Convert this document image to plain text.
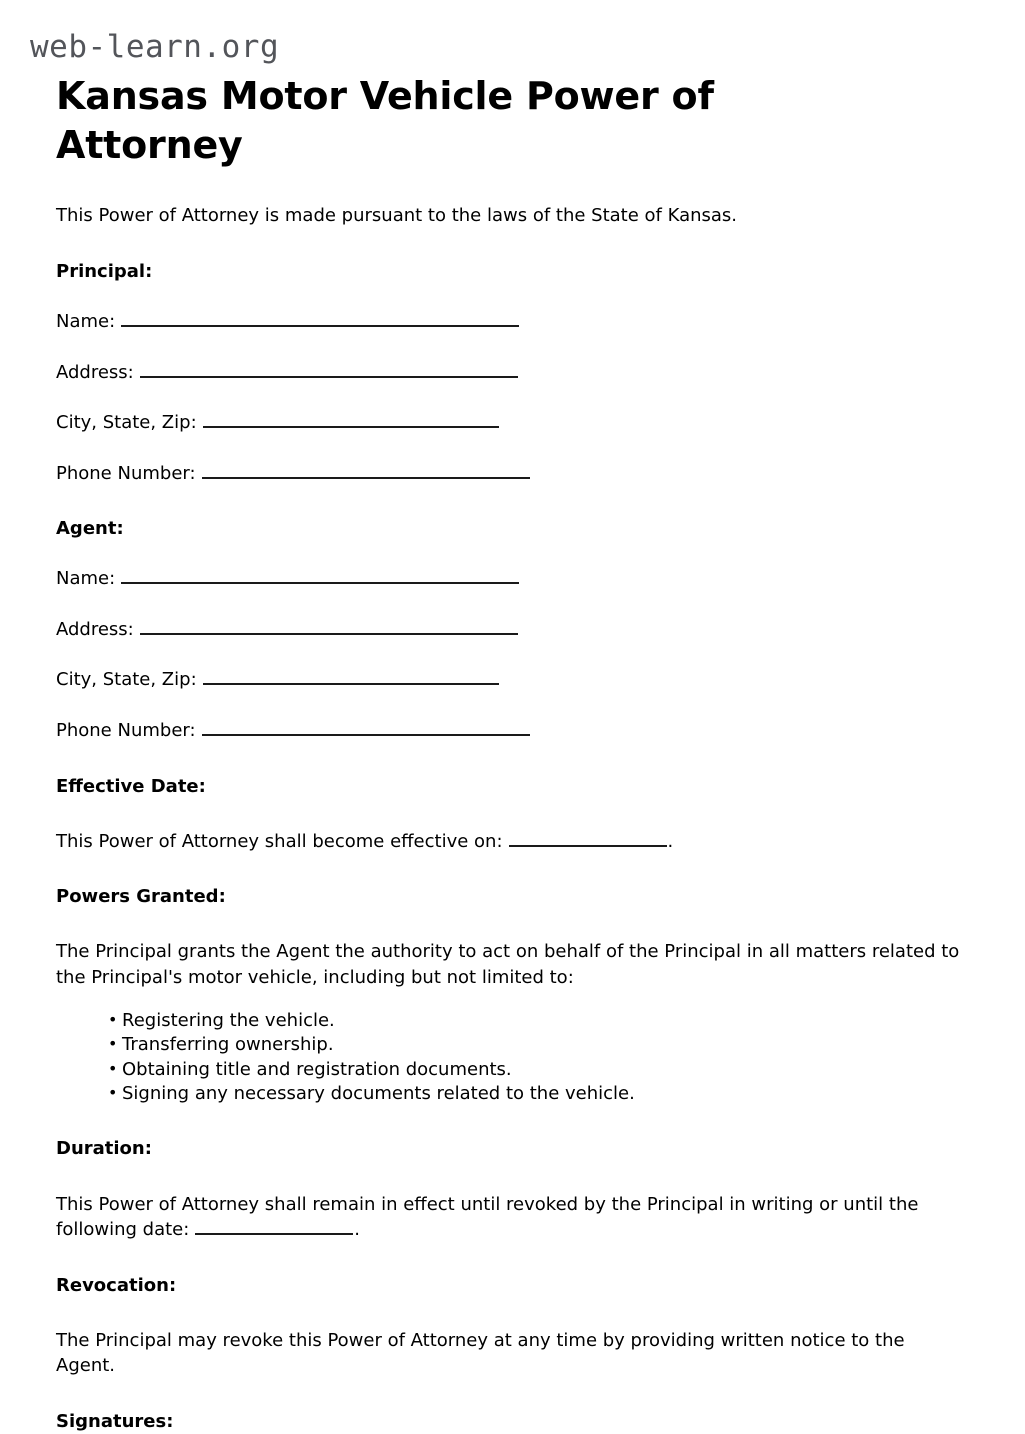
web-learn.org
Kansas Motor Vehicle Power of Attorney

This Power of Attorney is made pursuant to the laws of the State of Kansas.

Principal:
Name:
Address:
City, State, Zip:
Phone Number:
Agent:
Name:
Address:
City, State, Zip:
Phone Number:
Effective Date:

This Power of Attorney shall become effective on:	.

Powers Granted:

The Principal grants the Agent the authority to act on behalf of the Principal in all matters related to the Principal's motor vehicle, including but not limited to:

• Registering the vehicle.
• Transferring ownership.
• Obtaining title and registration documents.
• Signing any necessary documents related to the vehicle.
Duration:

This Power of Attorney shall remain in effect until revoked by the Principal in writing or until the following date:	.

Revocation:

The Principal may revoke this Power of Attorney at any time by providing written notice to the Agent.

Signatures:
